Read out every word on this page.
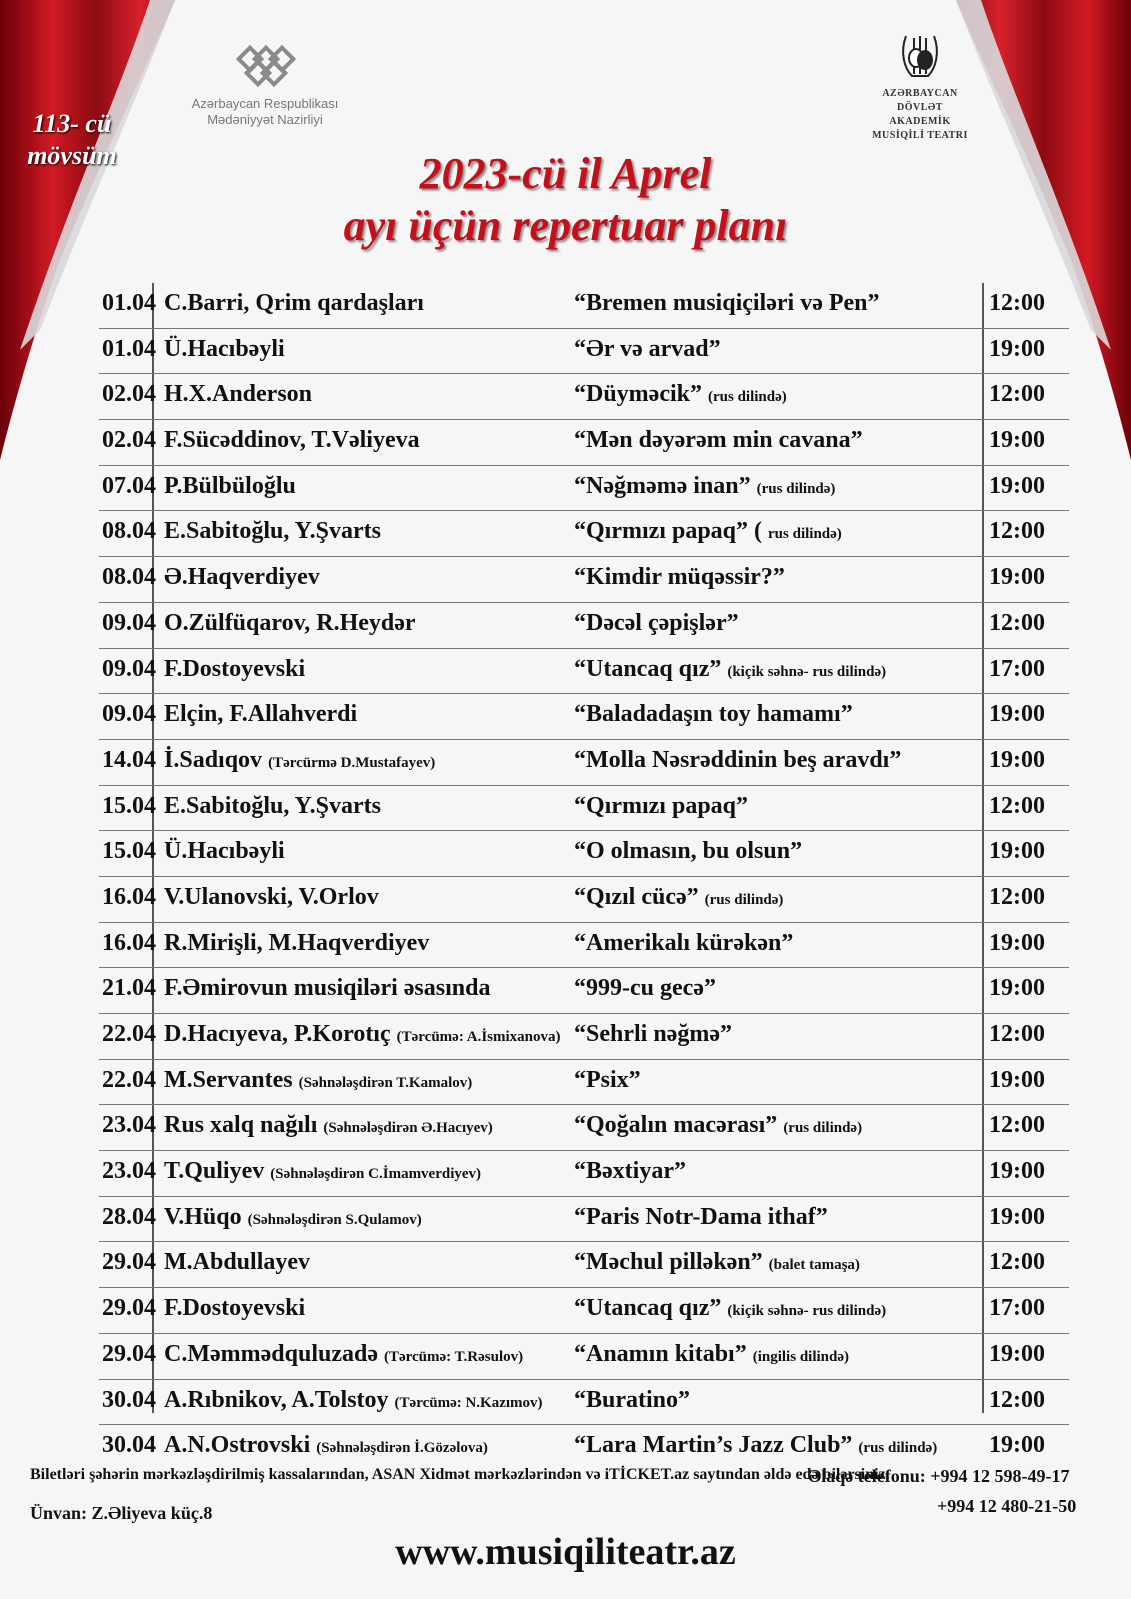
113- cü
mövsüm
Azərbaycan Respublikası
Mədəniyyət Nazirliyi
AZƏRBAYCAN DÖVLƏT
AKADEMİK
MUSİQİLİ TEATRI
2023-cü il Aprel
ayı üçün repertuar planı
01.04 C.Barri, Qrim qardaşları	“Bremen musiqiçiləri və Pen”	12:00
01.04 Ü.Hacıbəyli	“Ər və arvad”	19:00
02.04 H.X.Anderson	“Düyməcik” (rus dilində)	12:00
02.04 F.Sücəddinov, T.Vəliyeva	“Mən dəyərəm min cavana”	19:00
07.04 P.Bülbüloğlu	“Nəğməmə inan” (rus dilində)	19:00
08.04 E.Sabitoğlu, Y.Şvarts	“Qırmızı papaq” ( rus dilində)	12:00
08.04 Ə.Haqverdiyev	“Kimdir müqəssir?”	19:00
09.04 O.Zülfüqarov, R.Heydər	“Dəcəl çəpişlər”	12:00
09.04 F.Dostoyevski	“Utancaq qız” (kiçik səhnə- rus dilində)	17:00
09.04 Elçin, F.Allahverdi	“Baladadaşın toy hamamı”	19:00
14.04 İ.Sadıqov (Tərcürmə D.Mustafayev)	“Molla Nəsrəddinin beş aravdı”	19:00
15.04 E.Sabitoğlu, Y.Şvarts	“Qırmızı papaq”	12:00
15.04 Ü.Hacıbəyli	“O olmasın, bu olsun”	19:00
16.04 V.Ulanovski, V.Orlov	“Qızıl cücə” (rus dilində)	12:00
16.04 R.Mirişli, M.Haqverdiyev	“Amerikalı kürəkən”	19:00
21.04 F.Əmirovun musiqiləri əsasında	“999-cu gecə”	19:00
22.04 D.Hacıyeva, P.Korotıç (Tərcümə: A.İsmixanova) “Sehrli nəğmə”	12:00
22.04 M.Servantes (Səhnələşdirən T.Kamalov)	“Psix”	19:00
23.04 Rus xalq nağılı (Səhnələşdirən Ə.Hacıyev)	“Qoğalın macərası” (rus dilində)	12:00
23.04 T.Quliyev (Səhnələşdirən C.İmamverdiyev)	“Bəxtiyar”	19:00
28.04 V.Hüqo (Səhnələşdirən S.Qulamov)	“Paris Notr-Dama ithaf”	19:00
29.04 M.Abdullayev	“Məchul pilləkən” (balet tamaşa)	12:00
29.04 F.Dostoyevski	“Utancaq qız” (kiçik səhnə- rus dilində)	17:00
29.04 C.Məmmədquluzadə (Tərcümə: T.Rəsulov) “Anamın kitabı” (ingilis dilində)	19:00
30.04 A.Rıbnikov, A.Tolstoy (Tərcümə: N.Kazımov) “Buratino”	12:00
30.04 A.N.Ostrovski (Səhnələşdirən İ.Gözəlova)	“Lara Martin’s Jazz Club” (rus dilində) 19:00
Biletləri şəhərin mərkəzləşdirilmiş kassalarından, ASAN Xidmət mərkəzlərindən və iTİCKET.az saytından əldə edə bilərsiniz.
Əlaqə telefonu: +994 12 598-49-17
+994 12 480-21-50
Ünvan: Z.Əliyeva küç.8
www.musiqiliteatr.az
